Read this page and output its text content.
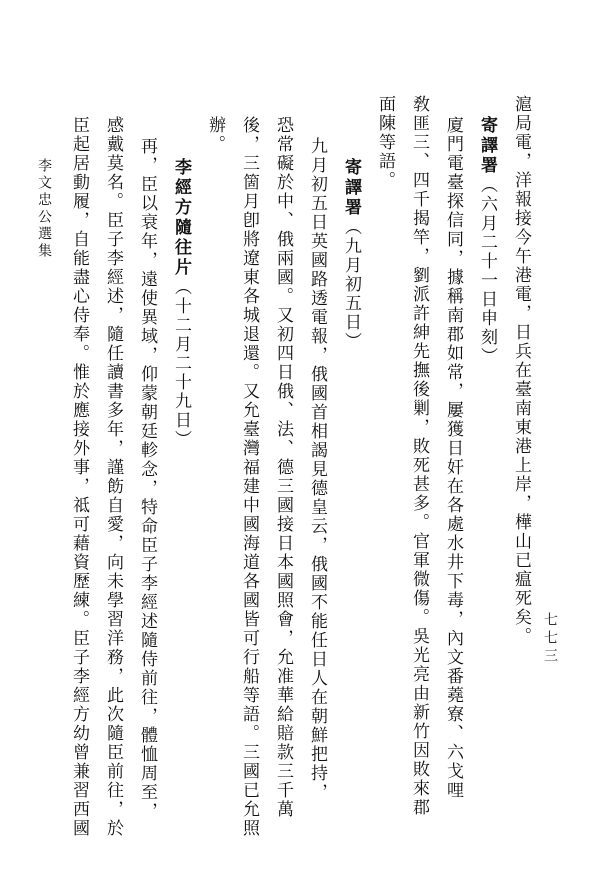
七七三
滬局電，洋報接今午港電，日兵在臺南東港上岸，樺山已瘟死矣。
寄譯署（六月二十一日申刻）
廈門電臺探信同，據稱南郡如常，屢獲日奸在各處水井下毒，內文番蕘寮、六戈哩
敎匪三、四千揭竿，劉派許紳先撫後剿，敗死甚多。官軍微傷。吳光亮由新竹因敗來郡
面陳等語。
寄譯署（九月初五日）
九月初五日英國路透電報，俄國首相謁見德皇云，俄國不能任日人在朝鮮把持，
恐常礙於中、俄兩國。又初四日俄、法、德三國接日本國照會，允准華給賠款三千萬
後，三箇月卽將遼東各城退還。又允臺灣福建中國海道各國皆可行船等語。三國已允照
辦。
李經方隨往片（十二月二十九日）
再，臣以衰年，遠使異域，仰蒙朝廷軫念，特命臣子李經述隨侍前往，體恤周至，
感戴莫名。臣子李經述，隨任讀書多年，謹飭自愛，向未學習洋務，此次隨臣前往，於
臣起居動履，自能盡心侍奉。惟於應接外事，祗可藉資歷練。臣子李經方幼曾兼習西國
李文忠公選集
